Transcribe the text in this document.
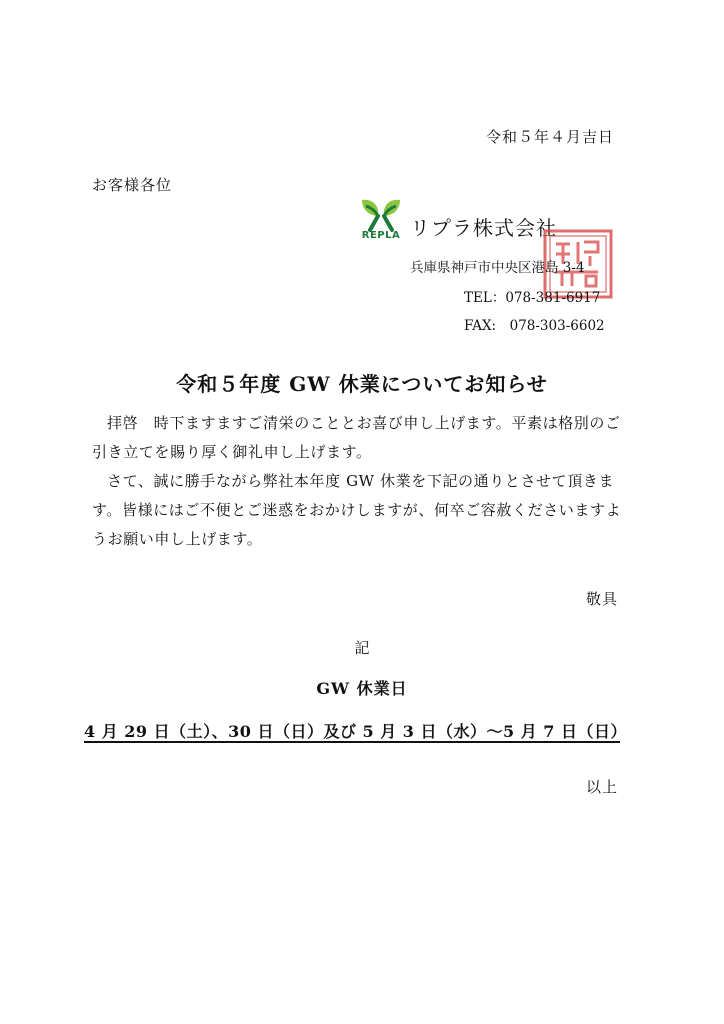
令和５年４月吉日
お客様各位
REPLA リプラ株式会社
兵庫県神戸市中央区港島 3-4
TEL：078-381-6917
FAX:　078-303-6602
令和５年度 GW 休業についてお知らせ

拝啓　時下ますますご清栄のこととお喜び申し上げます。平素は格別のご引き立てを賜り厚く御礼申し上げます。

さて、誠に勝手ながら弊社本年度 GW 休業を下記の通りとさせて頂きます。皆様にはご不便とご迷惑をおかけしますが、何卒ご容赦くださいますようお願い申し上げます。

敬具
記
GW 休業日
4 月 29 日（土）、30 日（日）及び 5 月 3 日（水）～5 月 7 日（日）
以上
